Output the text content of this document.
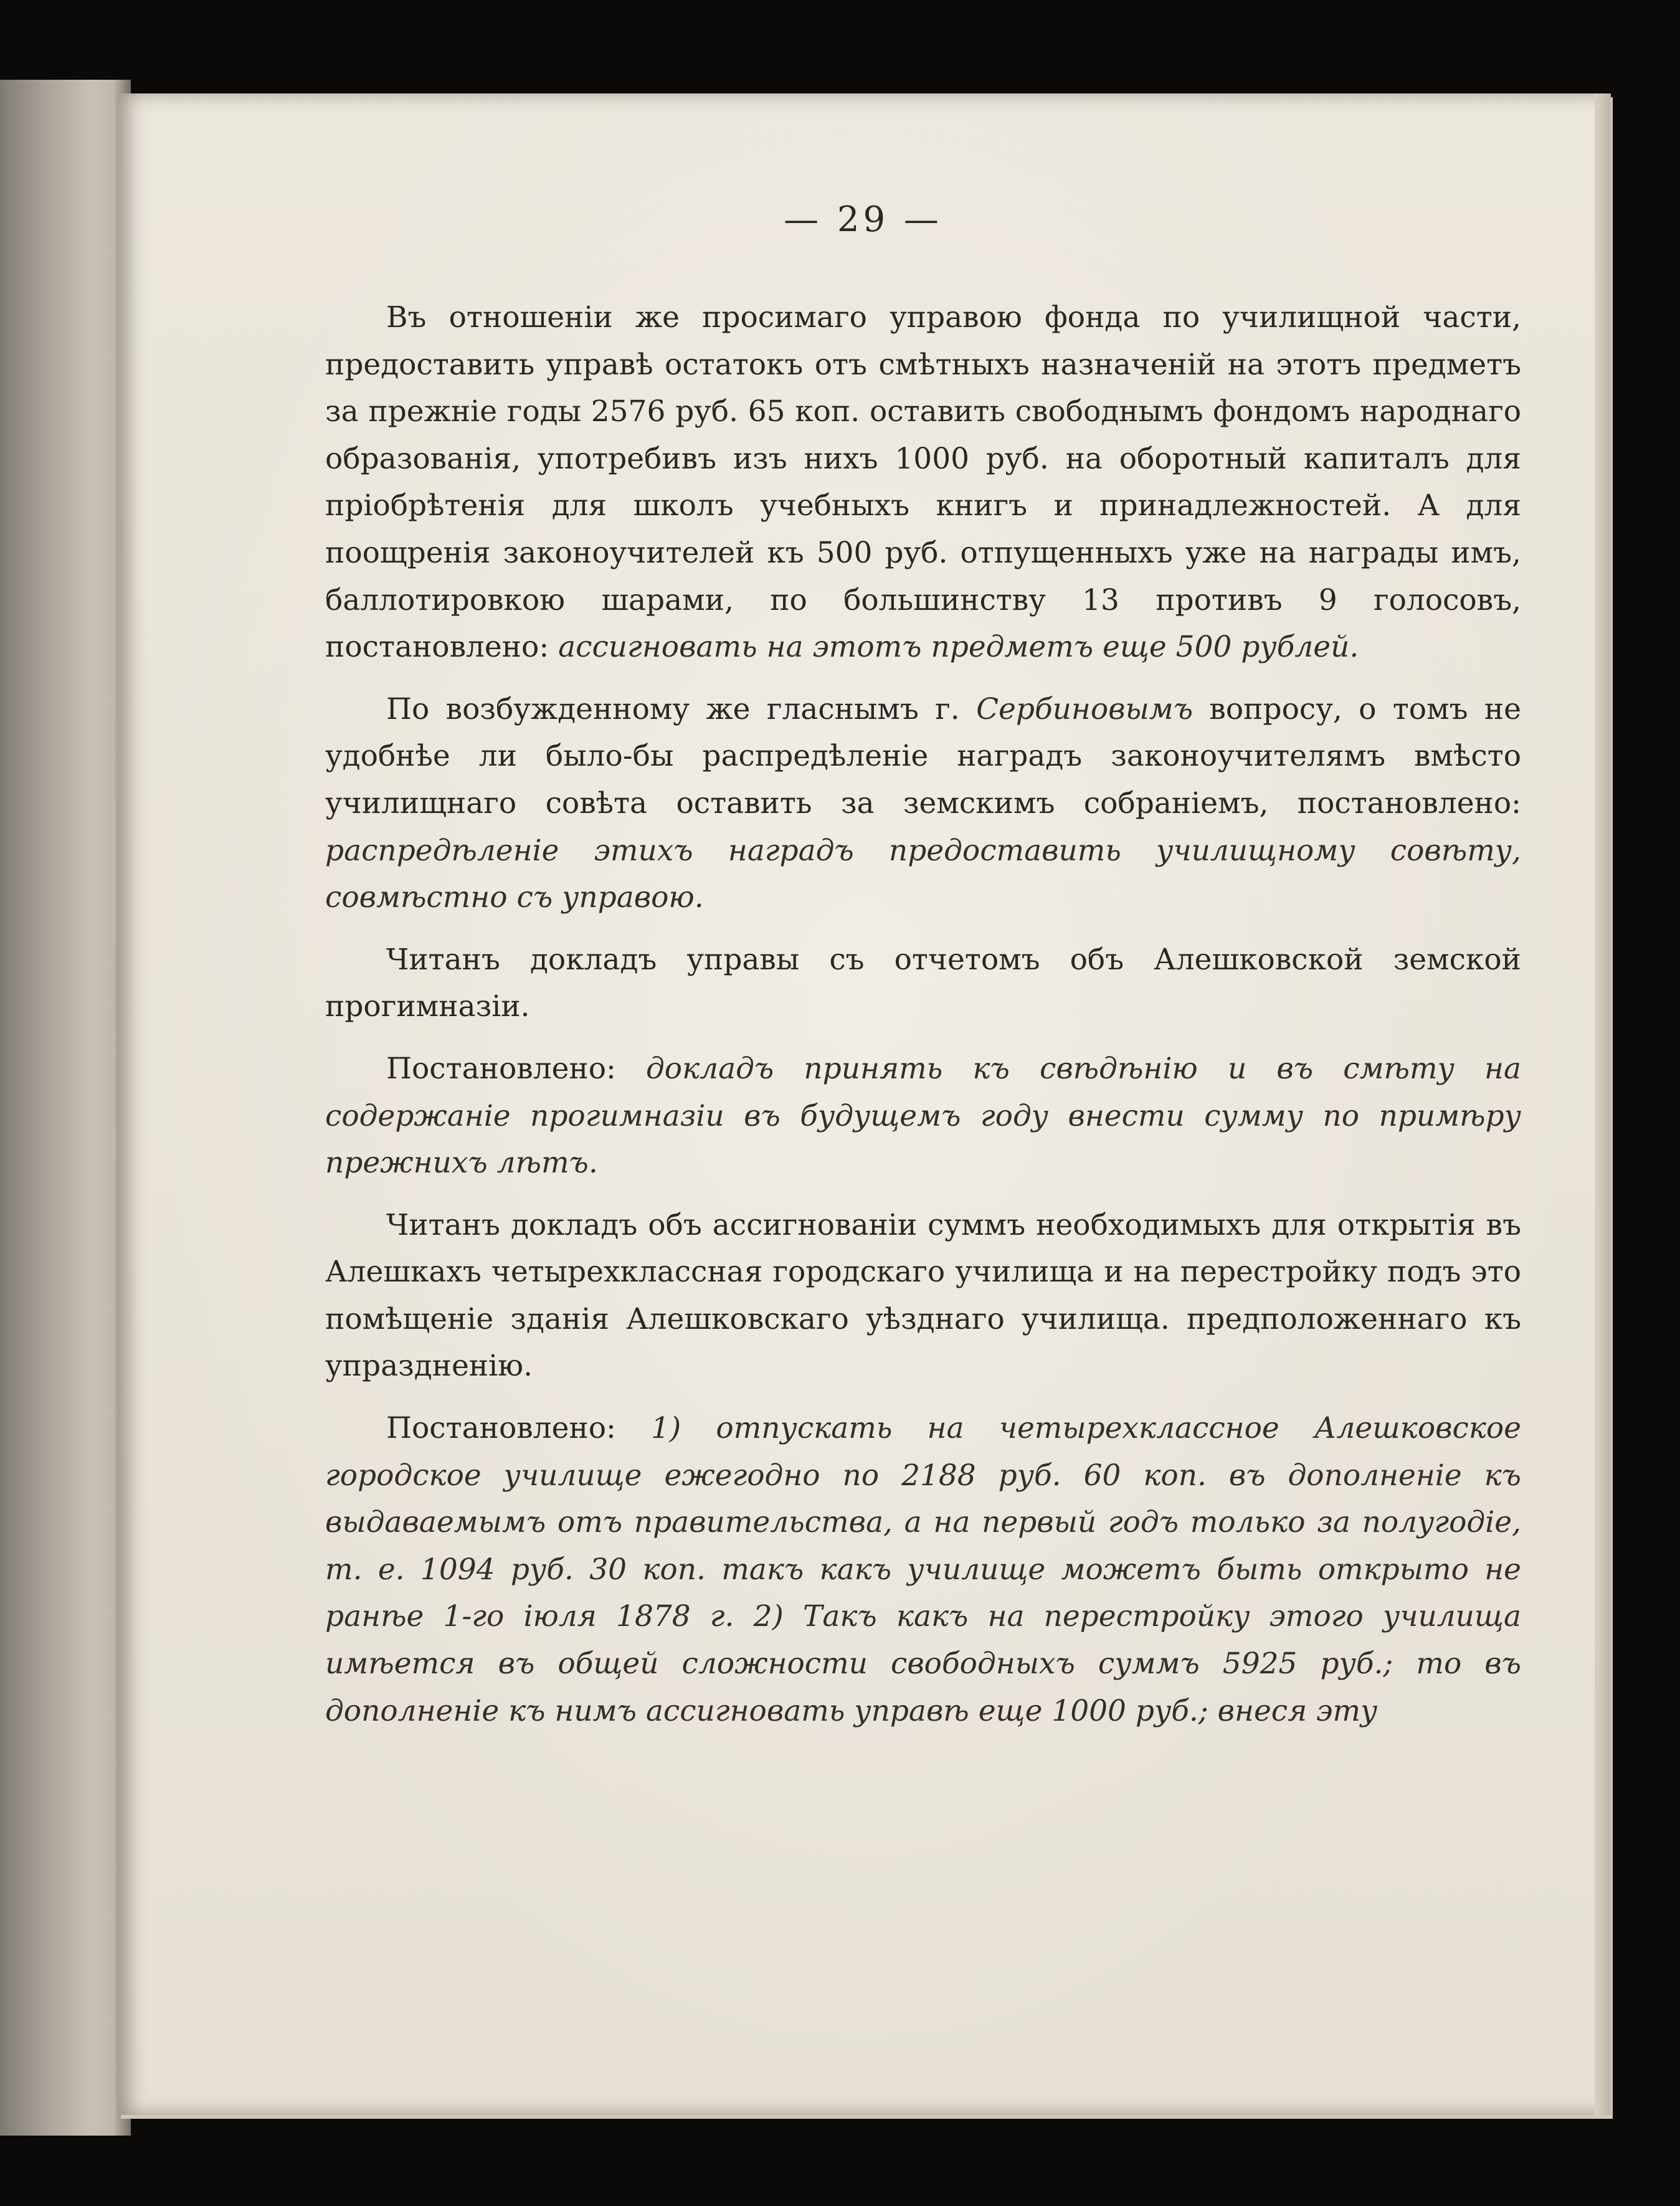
— 29 —

Въ отношеніи же просимаго управою фонда по училищной части, предоставить управѣ остатокъ отъ смѣтныхъ назначеній на этотъ предметъ за прежніе годы 2576 руб. 65 коп. оставить свободнымъ фондомъ народнаго образованія, употребивъ изъ нихъ 1000 руб. на оборотный капиталъ для пріобрѣтенія для школъ учебныхъ книгъ и принадлежностей. А для поощренія законоучителей къ 500 руб. отпущенныхъ уже на награды имъ, баллотировкою шарами, по большинству 13 противъ 9 голосовъ, постановлено: ассигновать на этотъ предметъ еще 500 рублей.

По возбужденному же гласнымъ г. Сербиновымъ вопросу, о томъ не удобнѣе ли было-бы распредѣленіе наградъ законоучителямъ вмѣсто училищнаго совѣта оставить за земскимъ собраніемъ, постановлено: распредѣленіе этихъ наградъ предоставить училищному совѣту, совмѣстно съ управою.

Читанъ докладъ управы съ отчетомъ объ Алешковской земской прогимназіи.

Постановлено: докладъ принять къ свѣдѣнію и въ смѣту на содержаніе прогимназіи въ будущемъ году внести сумму по примѣру прежнихъ лѣтъ.

Читанъ докладъ объ ассигнованіи суммъ необходимыхъ для открытія въ Алешкахъ четырехклассная городскаго училища и на перестройку подъ это помѣщеніе зданія Алешковскаго уѣзднаго училища. предположеннаго къ упраздненію.

Постановлено: 1) отпускать на четырехклассное Алешковское городское училище ежегодно по 2188 руб. 60 коп. въ дополненіе къ выдаваемымъ отъ правительства, а на первый годъ только за полугодіе, т. е. 1094 руб. 30 коп. такъ какъ училище можетъ быть открыто не ранѣе 1-го іюля 1878 г. 2) Такъ какъ на перестройку этого училища имѣется въ общей сложности свободныхъ суммъ 5925 руб.; то въ дополненіе къ нимъ ассигновать управѣ еще 1000 руб.; внеся эту
